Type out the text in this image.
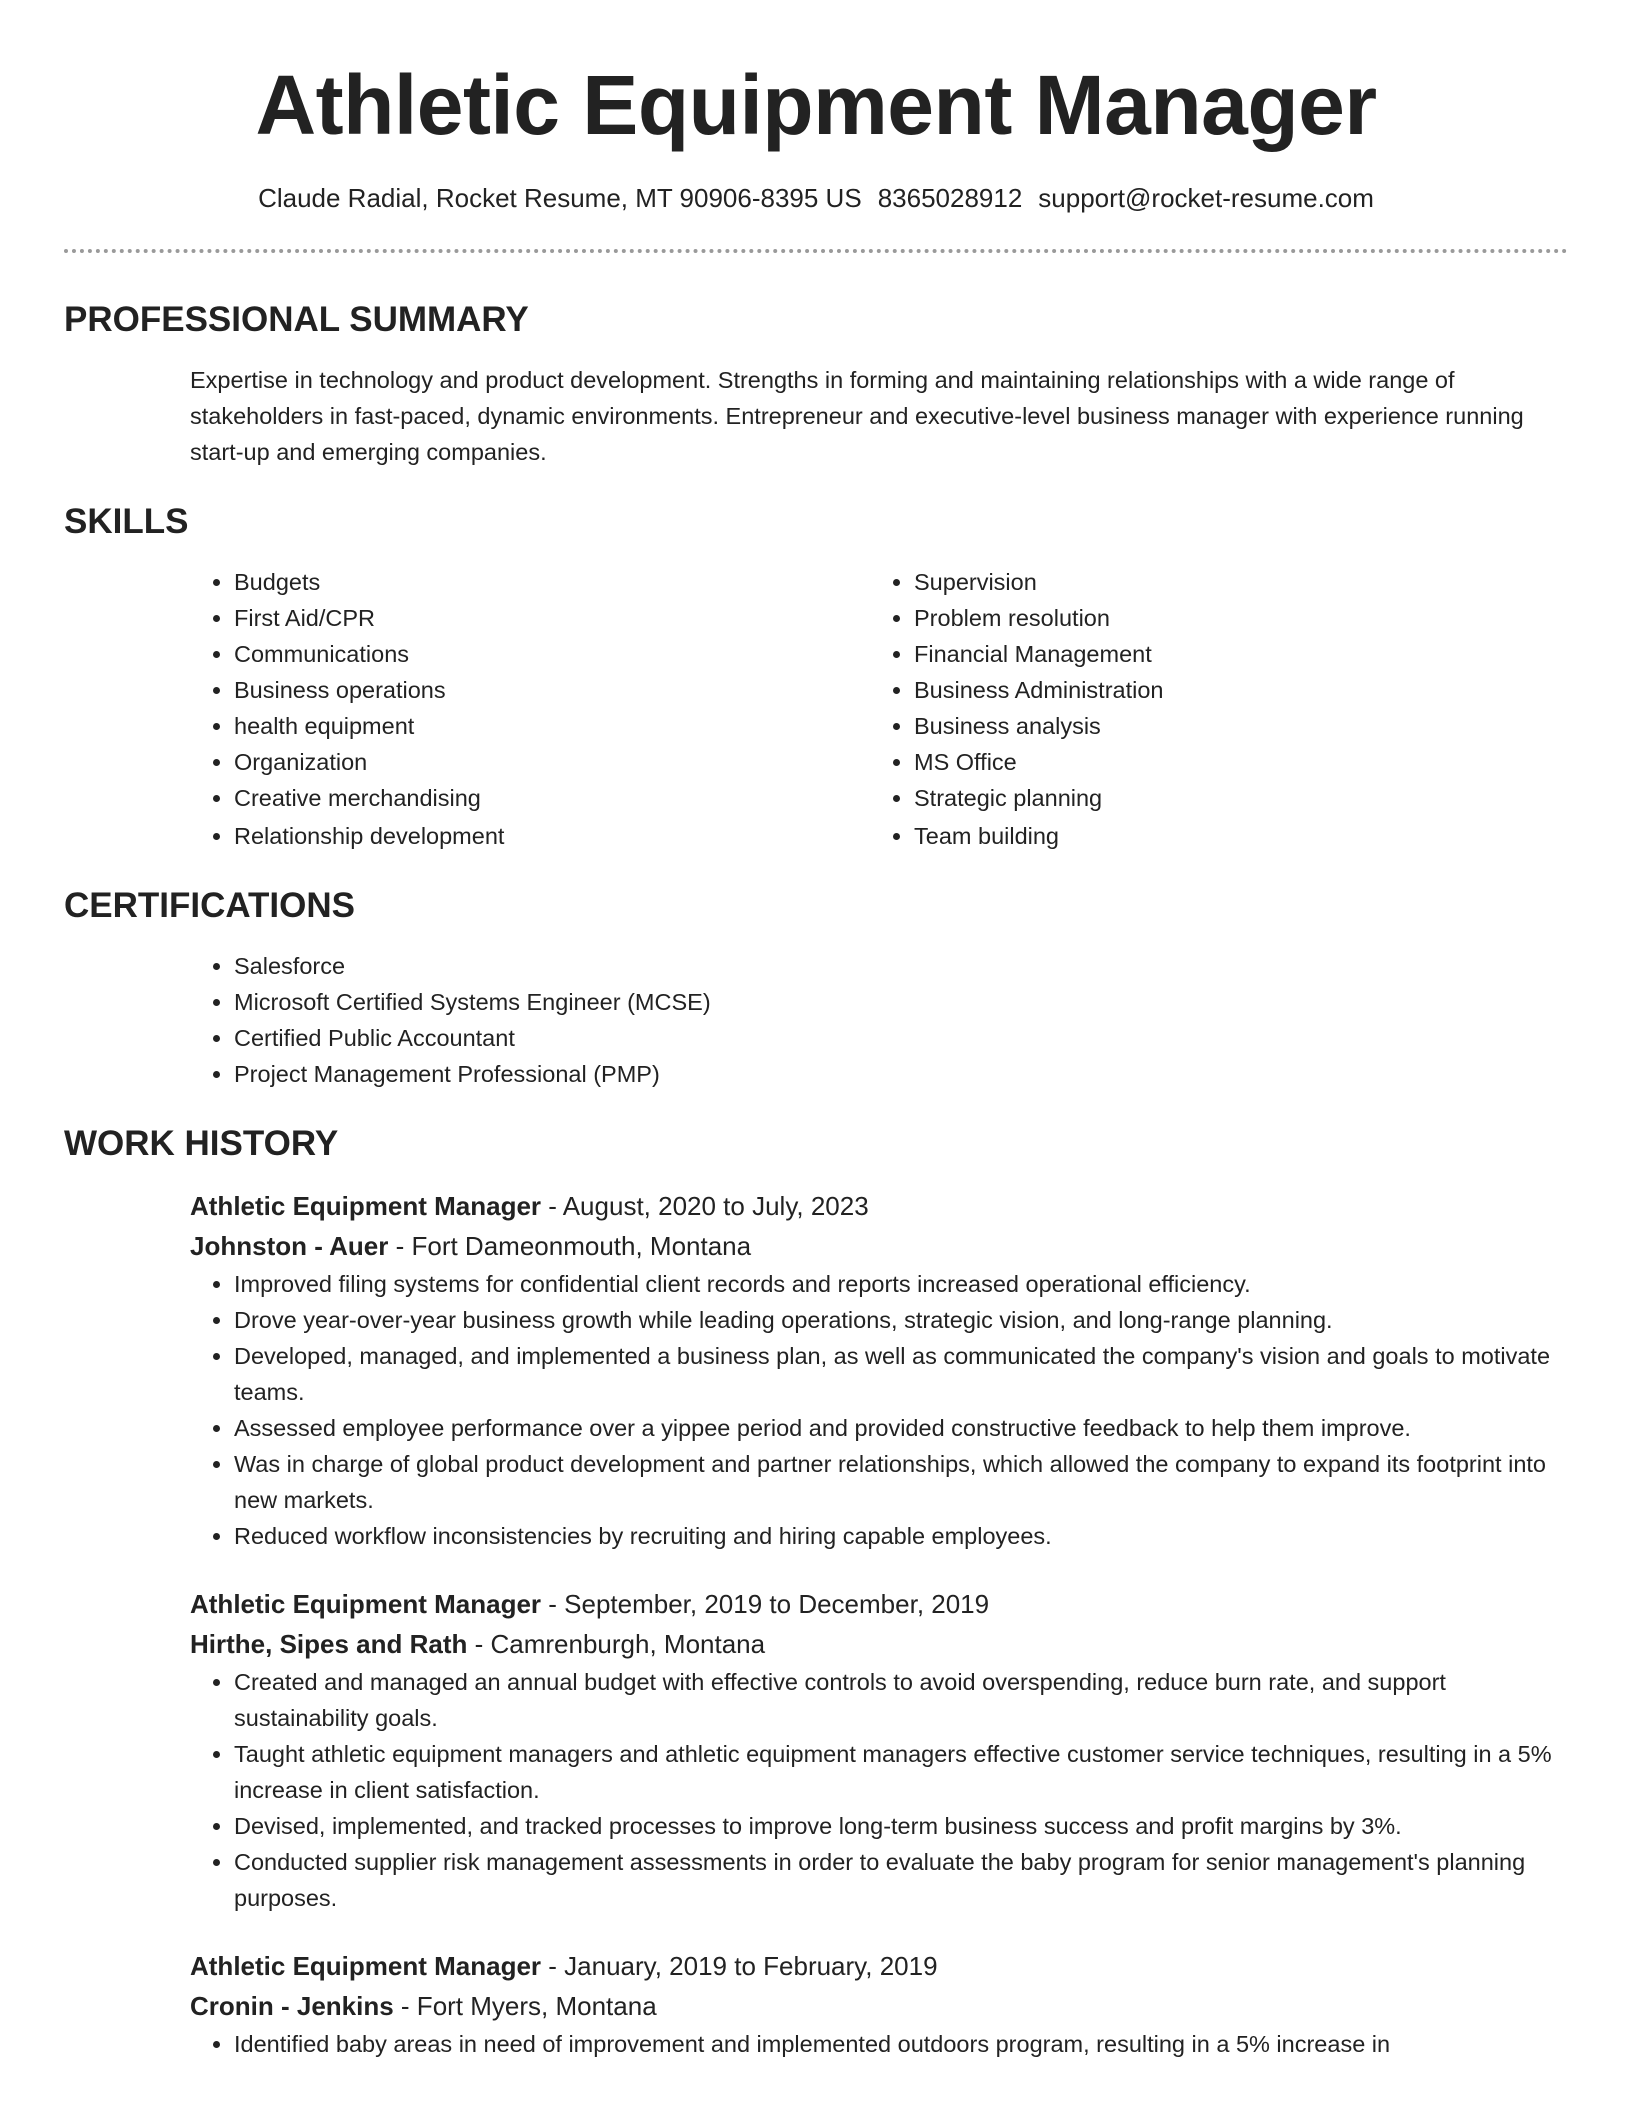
Athletic Equipment Manager
Claude Radial, Rocket Resume, MT 90906-8395 US 8365028912 support@rocket-resume.com
PROFESSIONAL SUMMARY

Expertise in technology and product development. Strengths in forming and maintaining relationships with a wide range of stakeholders in fast-paced, dynamic environments. Entrepreneur and executive-level business manager with experience running start-up and emerging companies.

SKILLS
• Budgets
• First Aid/CPR
• Communications
• Business operations
• health equipment
• Organization
• Creative merchandising
• Relationship development
• Supervision
• Problem resolution
• Financial Management
• Business Administration
• Business analysis
• MS Office
• Strategic planning
• Team building
CERTIFICATIONS
• Salesforce
• Microsoft Certified Systems Engineer (MCSE)
• Certified Public Accountant
• Project Management Professional (PMP)
WORK HISTORY
Athletic Equipment Manager - August, 2020 to July, 2023
Johnston - Auer - Fort Dameonmouth, Montana
• Improved filing systems for confidential client records and reports increased operational efficiency.
• Drove year-over-year business growth while leading operations, strategic vision, and long-range planning.
• Developed, managed, and implemented a business plan, as well as communicated the company's vision and goals to motivate teams.
• Assessed employee performance over a yippee period and provided constructive feedback to help them improve.
• Was in charge of global product development and partner relationships, which allowed the company to expand its footprint into new markets.
• Reduced workflow inconsistencies by recruiting and hiring capable employees.
Athletic Equipment Manager - September, 2019 to December, 2019
Hirthe, Sipes and Rath - Camrenburgh, Montana
• Created and managed an annual budget with effective controls to avoid overspending, reduce burn rate, and support sustainability goals.
• Taught athletic equipment managers and athletic equipment managers effective customer service techniques, resulting in a 5% increase in client satisfaction.
• Devised, implemented, and tracked processes to improve long-term business success and profit margins by 3%.
• Conducted supplier risk management assessments in order to evaluate the baby program for senior management's planning purposes.
Athletic Equipment Manager - January, 2019 to February, 2019
Cronin - Jenkins - Fort Myers, Montana
• Identified baby areas in need of improvement and implemented outdoors program, resulting in a 5% increase in
